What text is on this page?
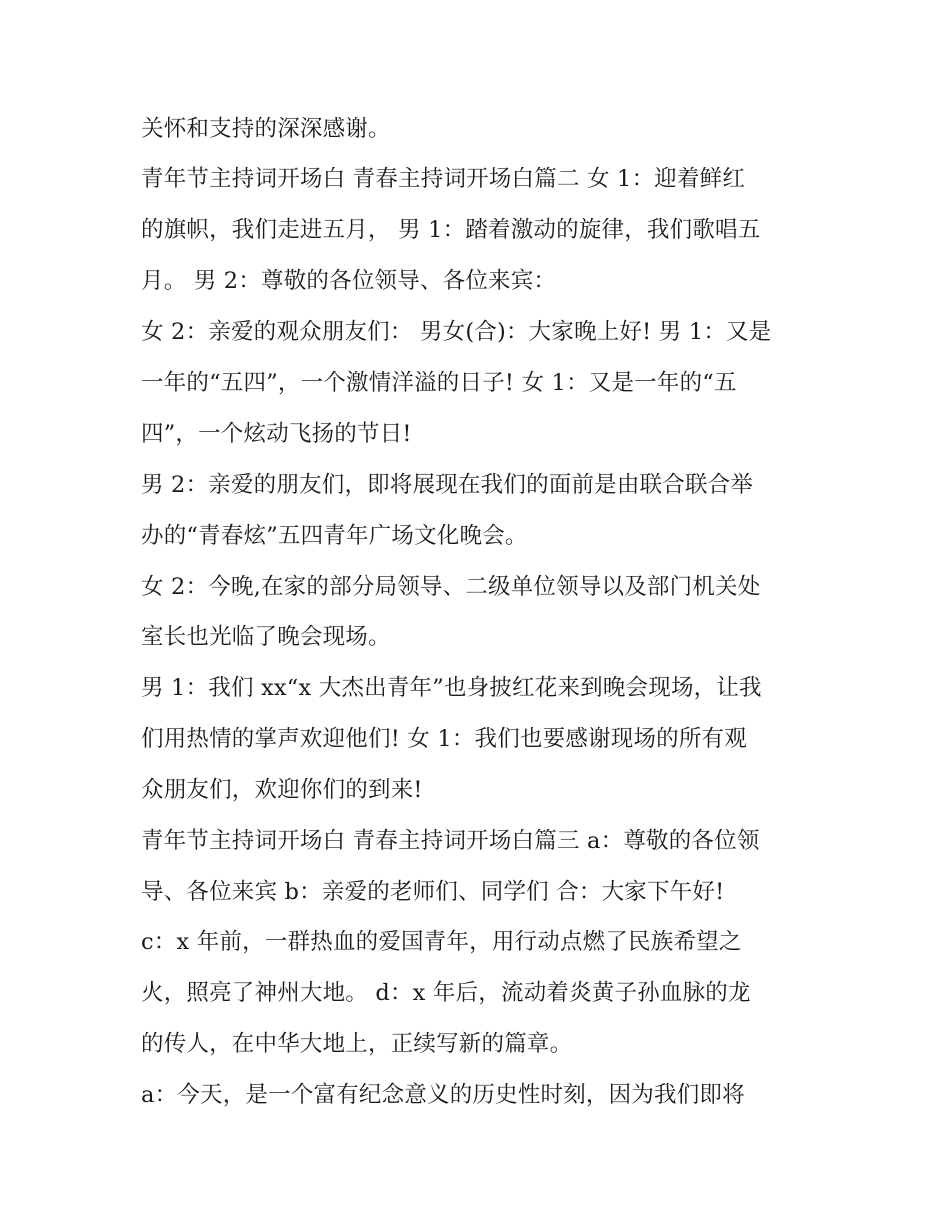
关怀和支持的深深感谢。
青年节主持词开场白 青春主持词开场白篇二 女 1：迎着鲜红
的旗帜，我们走进五月， 男 1：踏着激动的旋律，我们歌唱五
月。 男 2：尊敬的各位领导、各位来宾：
女 2：亲爱的观众朋友们： 男女(合)：大家晚上好! 男 1：又是
一年的“五四”，一个激情洋溢的日子! 女 1：又是一年的“五
四”，一个炫动飞扬的节日!
男 2：亲爱的朋友们，即将展现在我们的面前是由联合联合举
办的“青春炫”五四青年广场文化晚会。
女 2：今晚,在家的部分局领导、二级单位领导以及部门机关处
室长也光临了晚会现场。
男 1：我们 xx“x 大杰出青年”也身披红花来到晚会现场，让我
们用热情的掌声欢迎他们! 女 1：我们也要感谢现场的所有观
众朋友们，欢迎你们的到来!
青年节主持词开场白 青春主持词开场白篇三 a：尊敬的各位领
导、各位来宾 b：亲爱的老师们、同学们 合：大家下午好!
c：x 年前，一群热血的爱国青年，用行动点燃了民族希望之
火，照亮了神州大地。 d：x 年后，流动着炎黄子孙血脉的龙
的传人，在中华大地上，正续写新的篇章。
a：今天，是一个富有纪念意义的历史性时刻，因为我们即将
